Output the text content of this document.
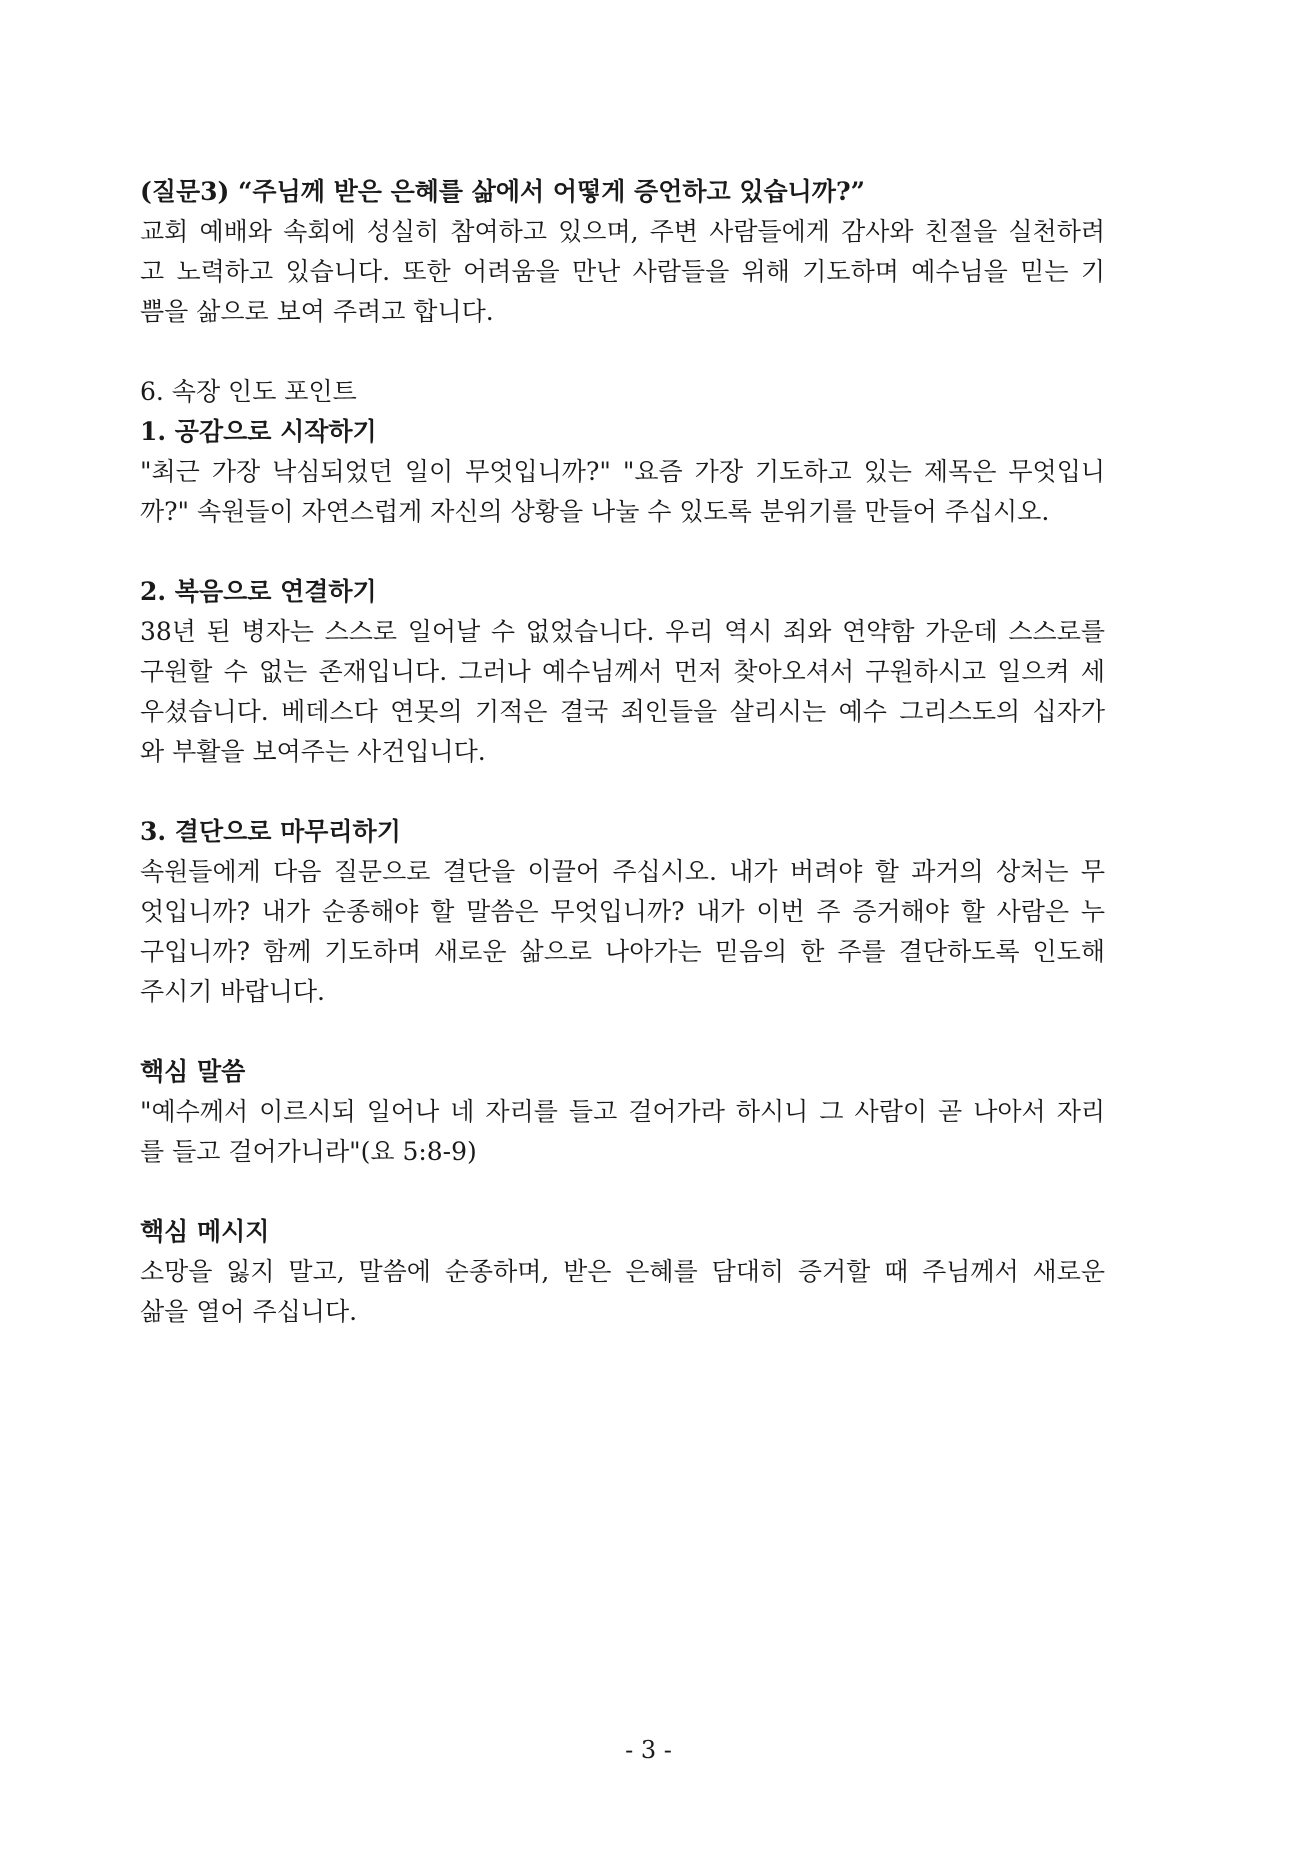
(질문3) “주님께 받은 은혜를 삶에서 어떻게 증언하고 있습니까?”
교회 예배와 속회에 성실히 참여하고 있으며, 주변 사람들에게 감사와 친절을 실천하려
고 노력하고 있습니다. 또한 어려움을 만난 사람들을 위해 기도하며 예수님을 믿는 기
쁨을 삶으로 보여 주려고 합니다.
6. 속장 인도 포인트
1. 공감으로 시작하기
"최근 가장 낙심되었던 일이 무엇입니까?" "요즘 가장 기도하고 있는 제목은 무엇입니
까?" 속원들이 자연스럽게 자신의 상황을 나눌 수 있도록 분위기를 만들어 주십시오.
2. 복음으로 연결하기
38년 된 병자는 스스로 일어날 수 없었습니다. 우리 역시 죄와 연약함 가운데 스스로를
구원할 수 없는 존재입니다. 그러나 예수님께서 먼저 찾아오셔서 구원하시고 일으켜 세
우셨습니다. 베데스다 연못의 기적은 결국 죄인들을 살리시는 예수 그리스도의 십자가
와 부활을 보여주는 사건입니다.
3. 결단으로 마무리하기
속원들에게 다음 질문으로 결단을 이끌어 주십시오. 내가 버려야 할 과거의 상처는 무
엇입니까? 내가 순종해야 할 말씀은 무엇입니까? 내가 이번 주 증거해야 할 사람은 누
구입니까? 함께 기도하며 새로운 삶으로 나아가는 믿음의 한 주를 결단하도록 인도해
주시기 바랍니다.
핵심 말씀
"예수께서 이르시되 일어나 네 자리를 들고 걸어가라 하시니 그 사람이 곧 나아서 자리
를 들고 걸어가니라"(요 5:8-9)
핵심 메시지
소망을 잃지 말고, 말씀에 순종하며, 받은 은혜를 담대히 증거할 때 주님께서 새로운
삶을 열어 주십니다.
- 3 -
